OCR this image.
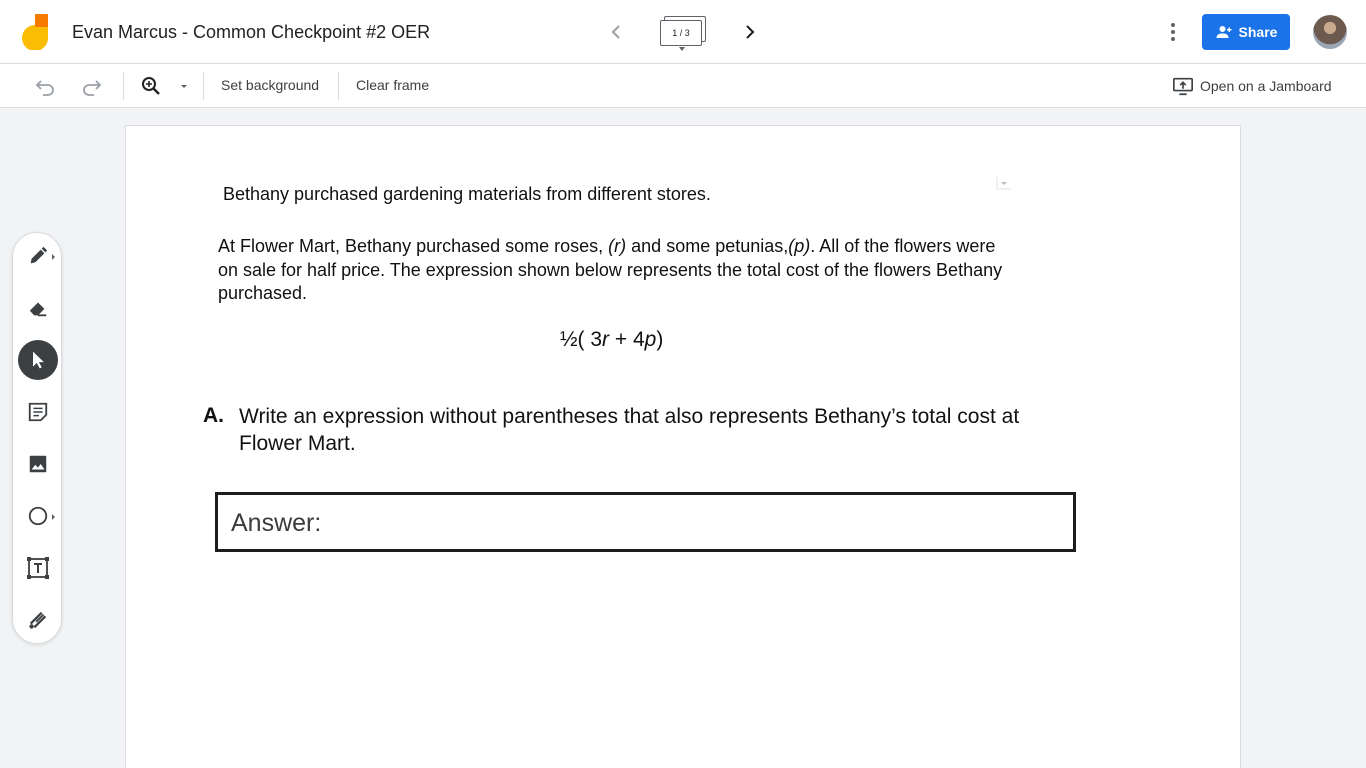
Evan Marcus - Common Checkpoint #2 OER	1 / 3	Share
Set background	Clear frame	Open on a Jamboard
Bethany purchased gardening materials from different stores.
At Flower Mart, Bethany purchased some roses, (r) and some petunias,(p). All of the flowers were on sale for half price. The expression shown below represents the total cost of the flowers Bethany purchased.
½( 3r + 4p)
A. Write an expression without parentheses that also represents Bethany’s total cost at Flower Mart.
Answer:
